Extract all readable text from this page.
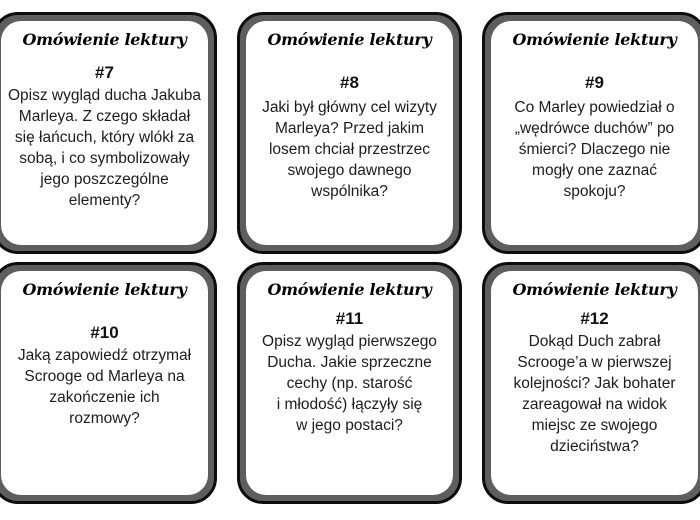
Omówienie lektury
#7
Opisz wygląd ducha Jakuba
Marleya. Z czego składał
się łańcuch, który wlókł za
sobą, i co symbolizowały
jego poszczególne
elementy?
Omówienie lektury
#8
Jaki był główny cel wizyty
Marleya? Przed jakim
losem chciał przestrzec
swojego dawnego
wspólnika?
Omówienie lektury
#9
Co Marley powiedział o
„wędrówce duchów” po
śmierci? Dlaczego nie
mogły one zaznać
spokoju?
Omówienie lektury
#10
Jaką zapowiedź otrzymał
Scrooge od Marleya na
zakończenie ich
rozmowy?
Omówienie lektury
#11
Opisz wygląd pierwszego
Ducha. Jakie sprzeczne
cechy (np. starość
i młodość) łączyły się
w jego postaci?
Omówienie lektury
#12
Dokąd Duch zabrał
Scrooge’a w pierwszej
kolejności? Jak bohater
zareagował na widok
miejsc ze swojego
dzieciństwa?
